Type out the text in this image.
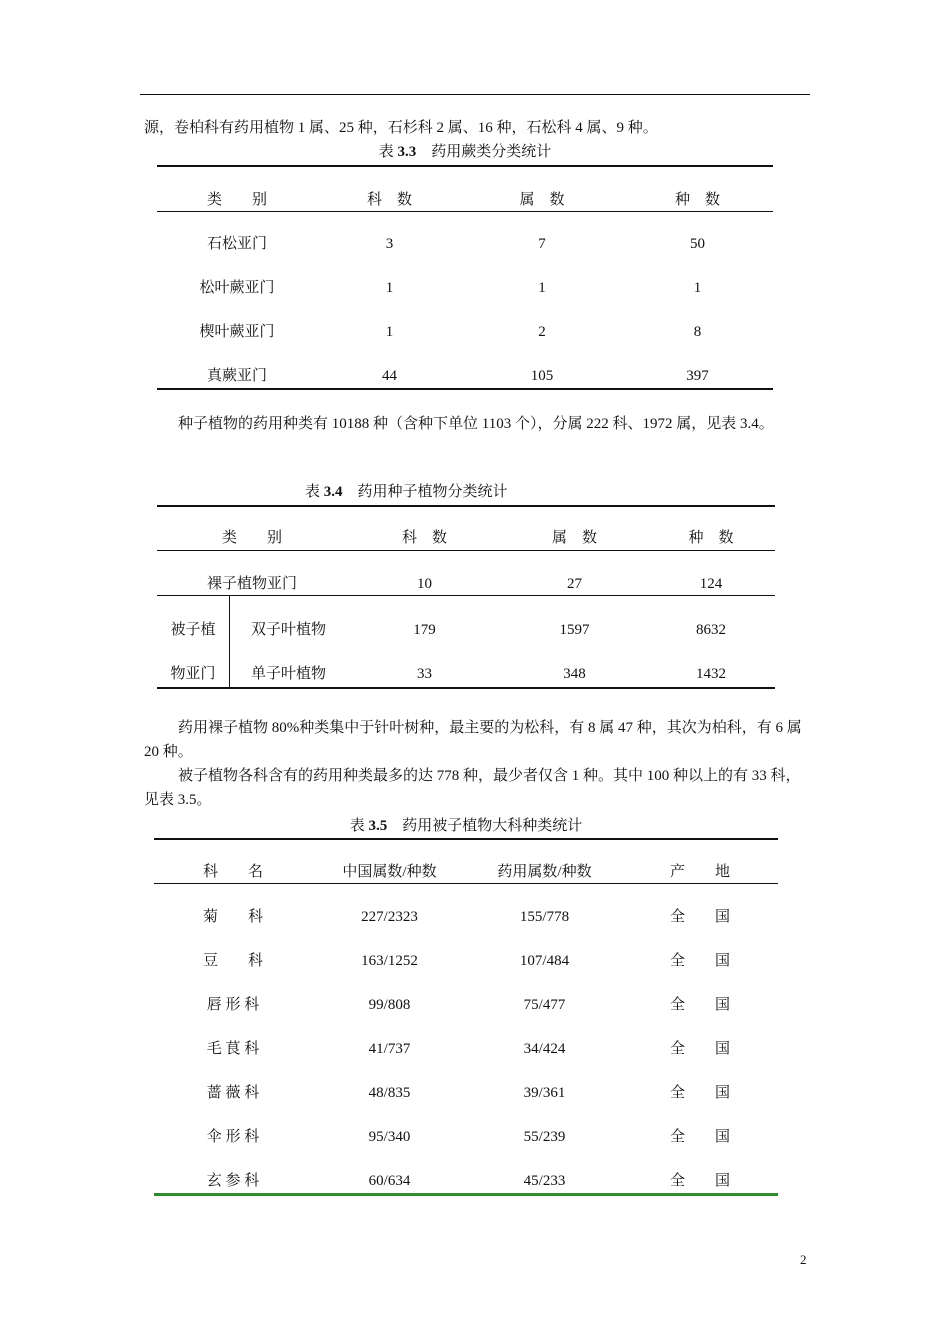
源，卷柏科有药用植物 1 属、25 种，石杉科 2 属、16 种，石松科 4 属、9 种。
表 3.3 药用蕨类分类统计
类　　别	科　数	属　数	种　数
石松亚门	3	7	50
松叶蕨亚门	1	1	1
楔叶蕨亚门	1	2	8
真蕨亚门	44	105	397
种子植物的药用种类有 10188 种（含种下单位 1103 个），分属 222 科、1972 属，见表 3.4。
表 3.4 药用种子植物分类统计
类　　别	科　数	属　数	种　数
裸子植物亚门	10	27	124
被子植
物亚门
双子叶植物	179	1597	8632
单子叶植物	33	348	1432
药用裸子植物 80%种类集中于针叶树种，最主要的为松科，有 8 属 47 种，其次为柏科，有 6 属 20 种。
被子植物各科含有的药用种类最多的达 778 种，最少者仅含 1 种。其中 100 种以上的有 33 科，见表 3.5。
表 3.5 药用被子植物大科种类统计
科　　名	中国属数/种数	药用属数/种数	产　　地
菊　　科	227/2323	155/778	全　　国
豆　　科	163/1252	107/484	全　　国
唇 形 科	99/808	75/477	全　　国
毛 茛 科	41/737	34/424	全　　国
蔷 薇 科	48/835	39/361	全　　国
伞 形 科	95/340	55/239	全　　国
玄 参 科	60/634	45/233	全　　国
2
